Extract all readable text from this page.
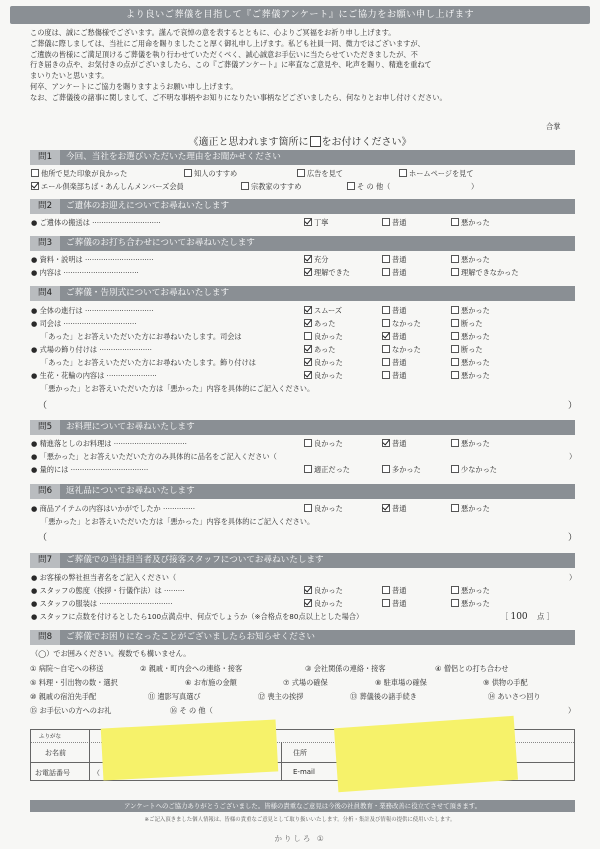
より良いご葬儀を目指して『ご葬儀アンケート』にご協力をお願い申し上げます
この度は、誠にご愁傷様でございます。謹んで哀悼の意を表するとともに、心よりご冥福をお祈り申し上げます。
ご葬儀に際しましては、当社にご用命を賜りましたこと厚く御礼申し上げます。私ども社員一同、微力ではございますが、
ご遺族の皆様にご満足頂けるご葬儀を執り行わせていただくべく、誠心誠意お手伝いに当たらせていただきましたが、不
行き届きの点や、お気付きの点がございましたら、この『ご葬儀アンケート』に率直なご意見や、叱声を賜り、精進を重ねて
まいりたいと思います。
何卒、アンケートにご協力を賜りますようお願い申し上げます。
なお、ご葬儀後の諸事に関しまして、ご不明な事柄やお知りになりたい事柄などございましたら、何なりとお申し付けください。
合掌
《適正と思われます箇所に をお付けください》
問1 今回、当社をお選びいただいた理由をお聞かせください
他所で見た印象が良かった	知人のすすめ	広告を見て	ホームページを見て
エール倶楽部ちば・あんしんメンバーズ会員	宗教家のすすめ	そ の 他（	）
問2 ご遺体のお迎えについてお尋ねいたします
● ご遺体の搬送は ······························	丁寧	普通	悪かった
問3 ご葬儀のお打ち合わせについてお尋ねいたします
● 資料・説明は ······························	充分	普通	悪かった
● 内容は ·································	理解できた	普通	理解できなかった
問4 ご葬儀・告別式についてお尋ねいたします
● 全体の進行は ······························	スムーズ	普通	悪かった
● 司会は ································	あった	なかった	断った
「あった」とお答えいただいた方にお尋ねいたします。司会は	良かった	普通	悪かった
● 式場の飾り付けは ·······················	あった	なかった	断った
「あった」とお答えいただいた方にお尋ねいたします。飾り付けは	良かった	普通	悪かった
● 生花・花輪の内容は ······················	良かった	普通	悪かった
「悪かった」とお答えいただいた方は「悪かった」内容を具体的にご記入ください。
（	）
問5 お料理についてお尋ねいたします
● 精進落としのお料理は ································	良かった	普通	悪かった
● 「悪かった」とお答えいただいた方のみ具体的に品名をご記入ください（	）
● 量的には ··································	適正だった	多かった	少なかった
問6 返礼品についてお尋ねいたします
● 商品アイテムの内容はいかがでしたか ··············	良かった	普通	悪かった
「悪かった」とお答えいただいた方は「悪かった」内容を具体的にご記入ください。
（	）
問7 ご葬儀での当社担当者及び接客スタッフについてお尋ねいたします
● お客様の弊社担当者名をご記入ください（	）
● スタッフの態度（挨拶・行儀作法）は ·········	良かった	普通	悪かった
● スタッフの服装は ································	良かった	普通	悪かった
● スタッフに点数を付けるとしたら100点満点中、何点でしょうか（※合格点を80点以上とした場合）	［ 100　 点 ］
問8 ご葬儀でお困りになったことがございましたらお知らせください
（◯）でお囲みください。複数でも構いません。
① 病院〜自宅への移送	② 親戚・町内会への連絡・接客	③ 会社関係の連絡・接客	④ 僧侶との打ち合わせ
⑤ 料理・引出物の数・選択	⑥ お布施の金額	⑦ 式場の確保	⑧ 駐車場の確保	⑨ 供物の手配
⑩ 親戚の宿泊先手配	⑪ 遺影写真選び	⑫ 喪主の挨拶	⑬ 葬儀後の諸手続き	⑭ あいさつ回り
⑮ お手伝いの方へのお礼	⑯ そ の 他（	）
ふりがな
お名前	住所
お電話番号	E-mail
（
アンケートへのご協力ありがとうございました。皆様の貴重なご意見は今後の社員教育・業務改善に役立てさせて頂きます。
※ご記入頂きました個人情報は、皆様の貴重なご意見として取り扱いいたします。分析・集計及び情報の提供に使用いたします。
かりしろ ①
